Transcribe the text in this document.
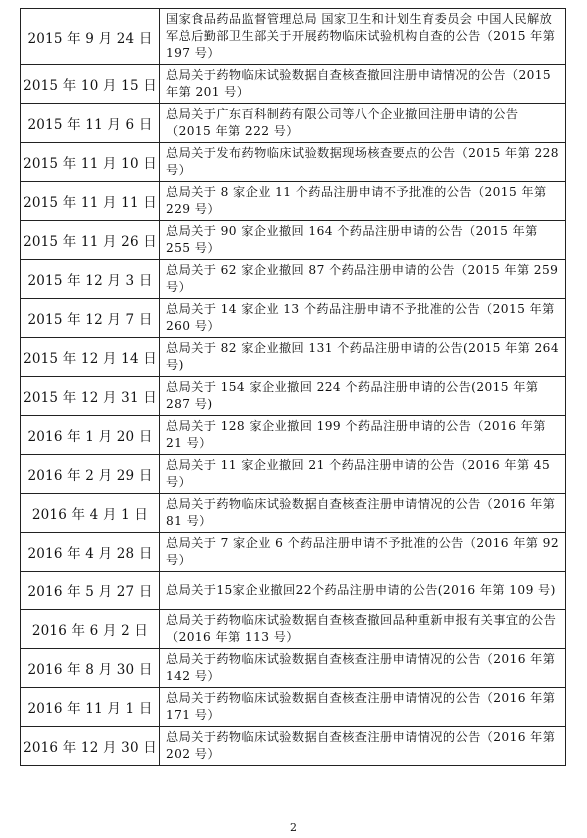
2015 年 9 月 24 日	国家食品药品监督管理总局 国家卫生和计划生育委员会 中国人民解放军总后勤部卫生部关于开展药物临床试验机构自查的公告（2015 年第 197 号）
2015 年 10 月 15 日	总局关于药物临床试验数据自查核查撤回注册申请情况的公告（2015 年第 201 号）
2015 年 11 月 6 日	总局关于广东百科制药有限公司等八个企业撤回注册申请的公告（2015 年第 222 号）
2015 年 11 月 10 日	总局关于发布药物临床试验数据现场核查要点的公告（2015 年第 228 号）
2015 年 11 月 11 日	总局关于 8 家企业 11 个药品注册申请不予批准的公告（2015 年第 229 号）
2015 年 11 月 26 日	总局关于 90 家企业撤回 164 个药品注册申请的公告（2015 年第 255 号）
2015 年 12 月 3 日	总局关于 62 家企业撤回 87 个药品注册申请的公告（2015 年第 259 号）
2015 年 12 月 7 日	总局关于 14 家企业 13 个药品注册申请不予批准的公告（2015 年第 260 号）
2015 年 12 月 14 日	总局关于 82 家企业撤回 131 个药品注册申请的公告(2015 年第 264 号)
2015 年 12 月 31 日	总局关于 154 家企业撤回 224 个药品注册申请的公告(2015 年第 287 号)
2016 年 1 月 20 日	总局关于 128 家企业撤回 199 个药品注册申请的公告（2016 年第 21 号）
2016 年 2 月 29 日	总局关于 11 家企业撤回 21 个药品注册申请的公告（2016 年第 45 号）
2016 年 4 月 1 日	总局关于药物临床试验数据自查核查注册申请情况的公告（2016 年第 81 号）
2016 年 4 月 28 日	总局关于 7 家企业 6 个药品注册申请不予批准的公告（2016 年第 92 号）
2016 年 5 月 27 日	总局关于15家企业撤回22个药品注册申请的公告(2016 年第 109 号)
2016 年 6 月 2 日	总局关于药物临床试验数据自查核查撤回品种重新申报有关事宜的公告（2016 年第 113 号）
2016 年 8 月 30 日	总局关于药物临床试验数据自查核查注册申请情况的公告（2016 年第 142 号）
2016 年 11 月 1 日	总局关于药物临床试验数据自查核查注册申请情况的公告（2016 年第 171 号）
2016 年 12 月 30 日	总局关于药物临床试验数据自查核查注册申请情况的公告（2016 年第 202 号）
2
